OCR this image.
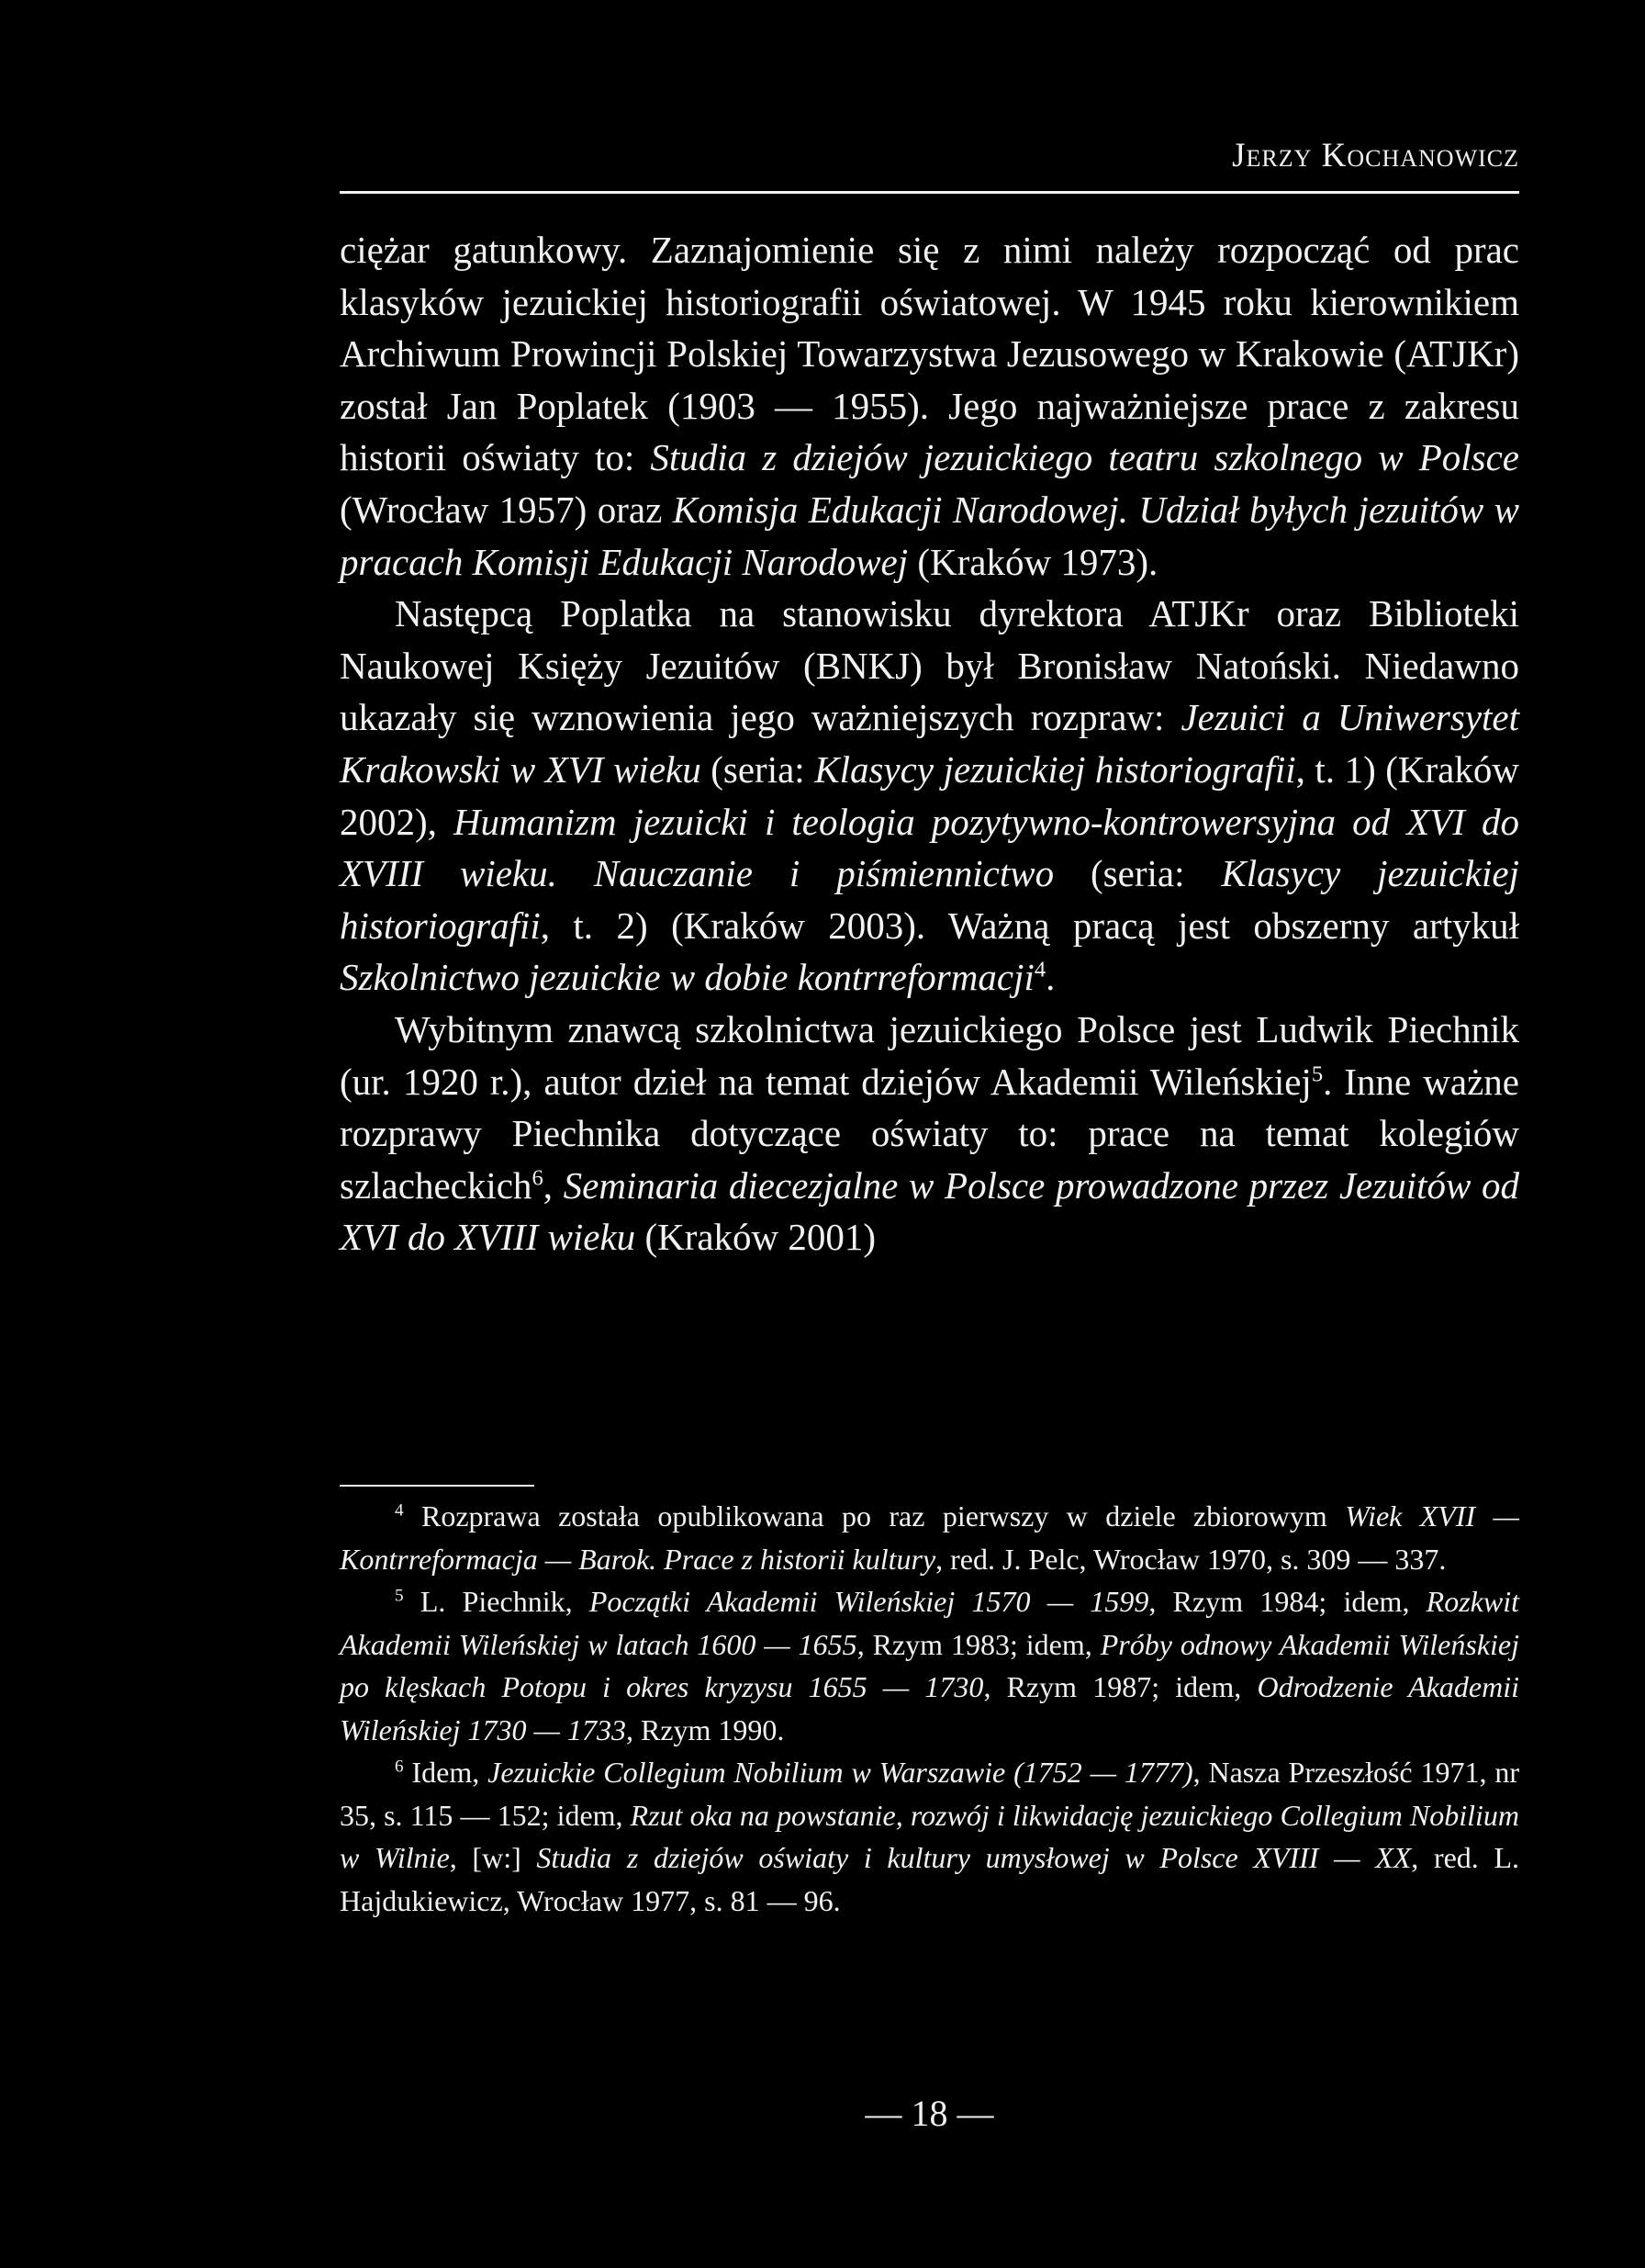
Jerzy Kochanowicz

ciężar gatunkowy. Zaznajomienie się z nimi należy rozpocząć od prac klasyków jezuickiej historiografii oświatowej. W 1945 roku kierownikiem Archiwum Prowincji Polskiej Towarzystwa Jezusowego w Krakowie (ATJKr) został Jan Poplatek (1903 — 1955). Jego najważniejsze prace z zakresu historii oświaty to: Studia z dziejów jezuickiego teatru szkolnego w Polsce (Wrocław 1957) oraz Komisja Edukacji Narodowej. Udział byłych jezuitów w pracach Komisji Edukacji Narodowej (Kraków 1973).

Następcą Poplatka na stanowisku dyrektora ATJKr oraz Biblioteki Naukowej Księży Jezuitów (BNKJ) był Bronisław Natoński. Niedawno ukazały się wznowienia jego ważniejszych rozpraw: Jezuici a Uniwersytet Krakowski w XVI wieku (seria: Klasycy jezuickiej historiografii, t. 1) (Kraków 2002), Humanizm jezuicki i teologia pozytywno-kontrowersyjna od XVI do XVIII wieku. Nauczanie i piśmiennictwo (seria: Klasycy jezuickiej historiografii, t. 2) (Kraków 2003). Ważną pracą jest obszerny artykuł Szkolnictwo jezuickie w dobie kontrreformacji$^4$.

Wybitnym znawcą szkolnictwa jezuickiego Polsce jest Ludwik Piechnik (ur. 1920 r.), autor dzieł na temat dziejów Akademii Wileńskiej$^5$. Inne ważne rozprawy Piechnika dotyczące oświaty to: prace na temat kolegiów szlacheckich$^6$, Seminaria diecezjalne w Polsce prowadzone przez Jezuitów od XVI do XVIII wieku (Kraków 2001)

$^4$ Rozprawa została opublikowana po raz pierwszy w dziele zbiorowym Wiek XVII — Kontrreformacja — Barok. Prace z historii kultury, red. J. Pelc, Wrocław 1970, s. 309 — 337.

$^5$ L. Piechnik, Początki Akademii Wileńskiej 1570 — 1599, Rzym 1984; idem, Rozkwit Akademii Wileńskiej w latach 1600 — 1655, Rzym 1983; idem, Próby odnowy Akademii Wileńskiej po klęskach Potopu i okres kryzysu 1655 — 1730, Rzym 1987; idem, Odrodzenie Akademii Wileńskiej 1730 — 1733, Rzym 1990.

$^6$ Idem, Jezuickie Collegium Nobilium w Warszawie (1752 — 1777), Nasza Przeszłość 1971, nr 35, s. 115 — 152; idem, Rzut oka na powstanie, rozwój i likwidację jezuickiego Collegium Nobilium w Wilnie, [w:] Studia z dziejów oświaty i kultury umysłowej w Polsce XVIII — XX, red. L. Hajdukiewicz, Wrocław 1977, s. 81 — 96.

— 18 —
